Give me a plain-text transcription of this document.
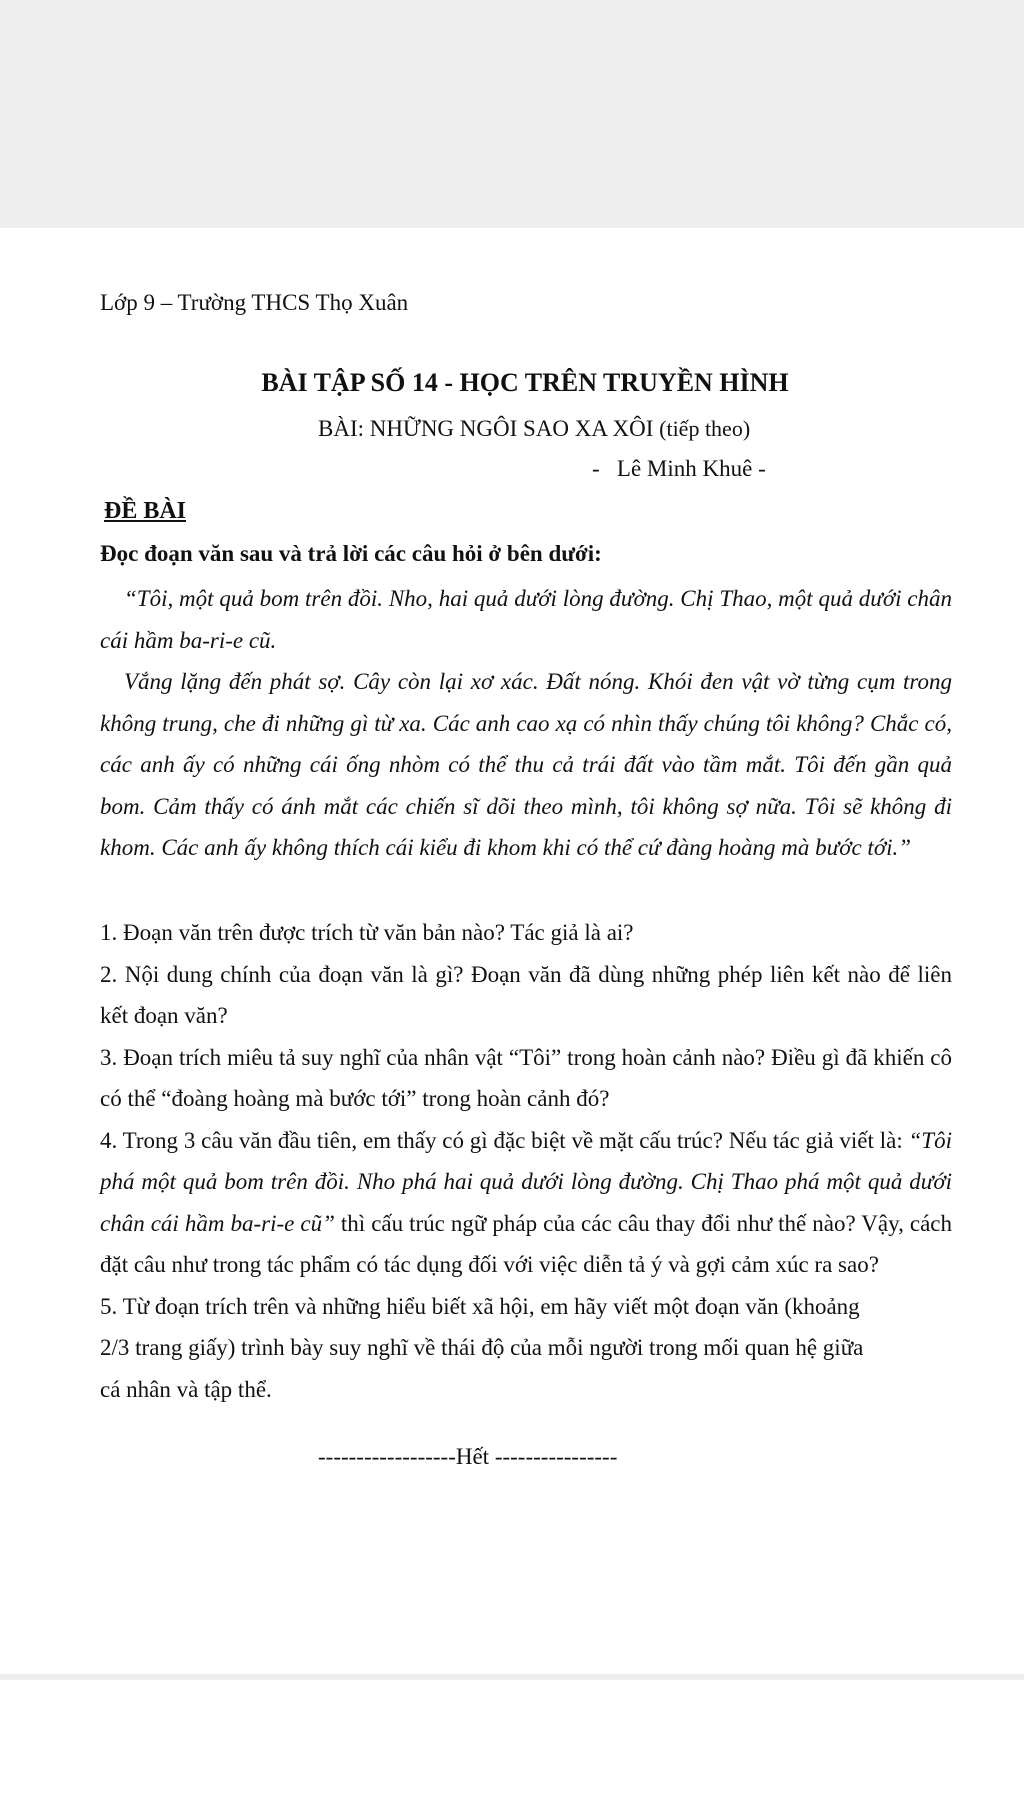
Lớp 9 – Trường THCS Thọ Xuân
BÀI TẬP SỐ 14 - HỌC TRÊN TRUYỀN HÌNH
BÀI: NHỮNG NGÔI SAO XA XÔI (tiếp theo)
-   Lê Minh Khuê -
ĐỀ BÀI
Đọc đoạn văn sau và trả lời các câu hỏi ở bên dưới:

“Tôi, một quả bom trên đồi. Nho, hai quả dưới lòng đường. Chị Thao, một quả dưới chân cái hầm ba-ri-e cũ.

Vắng lặng đến phát sợ. Cây còn lại xơ xác. Đất nóng. Khói đen vật vờ từng cụm trong không trung, che đi những gì từ xa. Các anh cao xạ có nhìn thấy chúng tôi không? Chắc có, các anh ấy có những cái ống nhòm có thể thu cả trái đất vào tầm mắt. Tôi đến gần quả bom. Cảm thấy có ánh mắt các chiến sĩ dõi theo mình, tôi không sợ nữa. Tôi sẽ không đi khom. Các anh ấy không thích cái kiểu đi khom khi có thể cứ đàng hoàng mà bước tới.”

1. Đoạn văn trên được trích từ văn bản nào? Tác giả là ai?

2. Nội dung chính của đoạn văn là gì? Đoạn văn đã dùng những phép liên kết nào để liên kết đoạn văn?

3. Đoạn trích miêu tả suy nghĩ của nhân vật “Tôi” trong hoàn cảnh nào? Điều gì đã khiến cô có thể “đoàng hoàng mà bước tới” trong hoàn cảnh đó?

4. Trong 3 câu văn đầu tiên, em thấy có gì đặc biệt về mặt cấu trúc? Nếu tác giả viết là: “Tôi phá một quả bom trên đồi. Nho phá hai quả dưới lòng đường. Chị Thao phá một quả dưới chân cái hầm ba-ri-e cũ” thì cấu trúc ngữ pháp của các câu thay đổi như thế nào? Vậy, cách đặt câu như trong tác phẩm có tác dụng đối với việc diễn tả ý và gợi cảm xúc ra sao?

5. Từ đoạn trích trên và những hiểu biết xã hội, em hãy viết một đoạn văn (khoảng 2/3 trang giấy) trình bày suy nghĩ về thái độ của mỗi người trong mối quan hệ giữa cá nhân và tập thể.

------------------Hết ----------------
